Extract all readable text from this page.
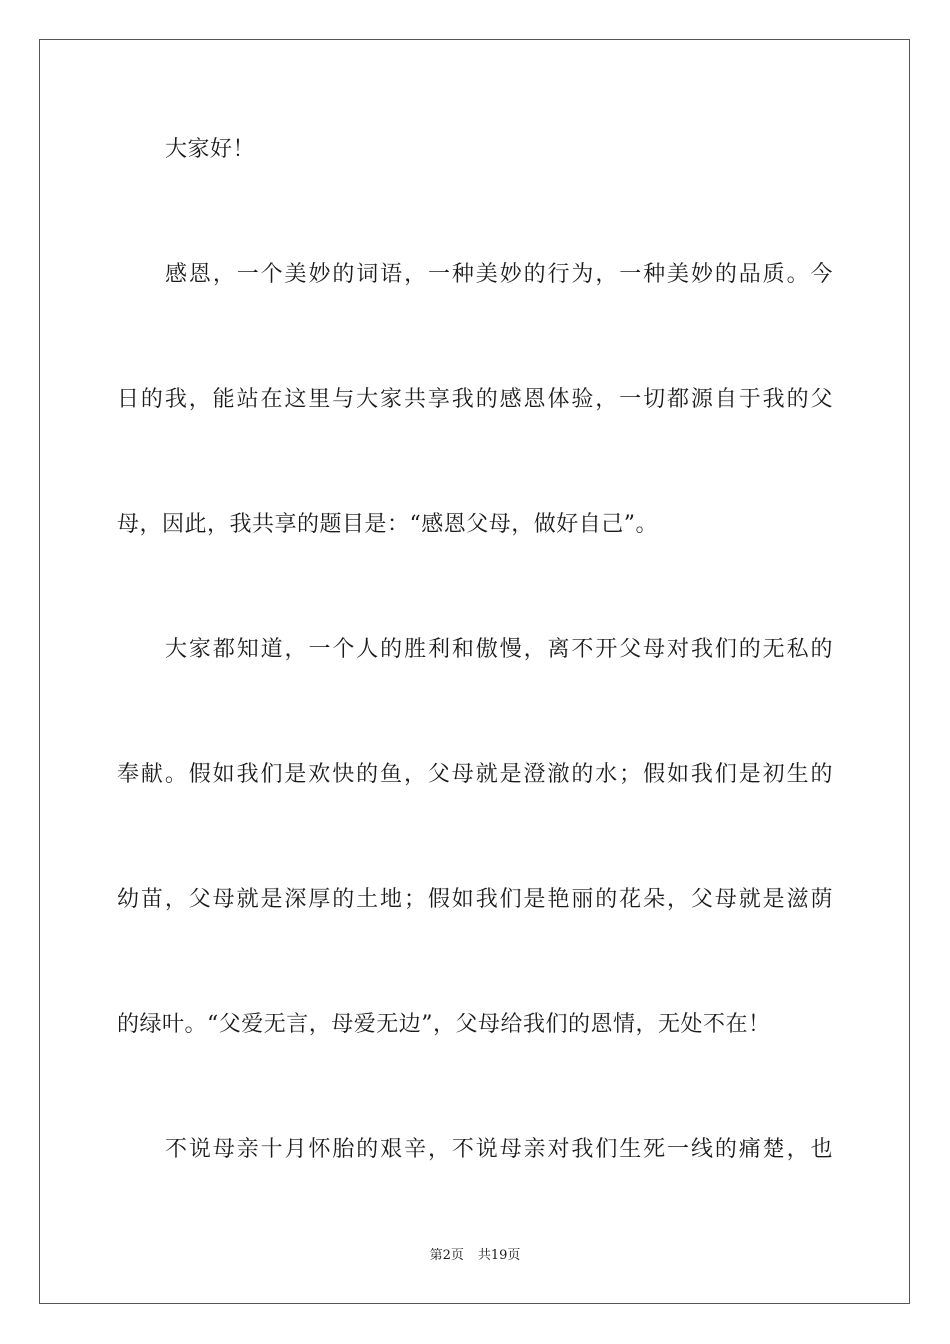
大家好！
感恩，一个美妙的词语，一种美妙的行为，一种美妙的品质。今
日的我，能站在这里与大家共享我的感恩体验，一切都源自于我的父
母，因此，我共享的题目是：“感恩父母，做好自己”。
大家都知道，一个人的胜利和傲慢，离不开父母对我们的无私的
奉献。假如我们是欢快的鱼，父母就是澄澈的水；假如我们是初生的
幼苗，父母就是深厚的土地；假如我们是艳丽的花朵，父母就是滋荫
的绿叶。“父爱无言，母爱无边”，父母给我们的恩情，无处不在！
不说母亲十月怀胎的艰辛，不说母亲对我们生死一线的痛楚，也
第2页 共19页
